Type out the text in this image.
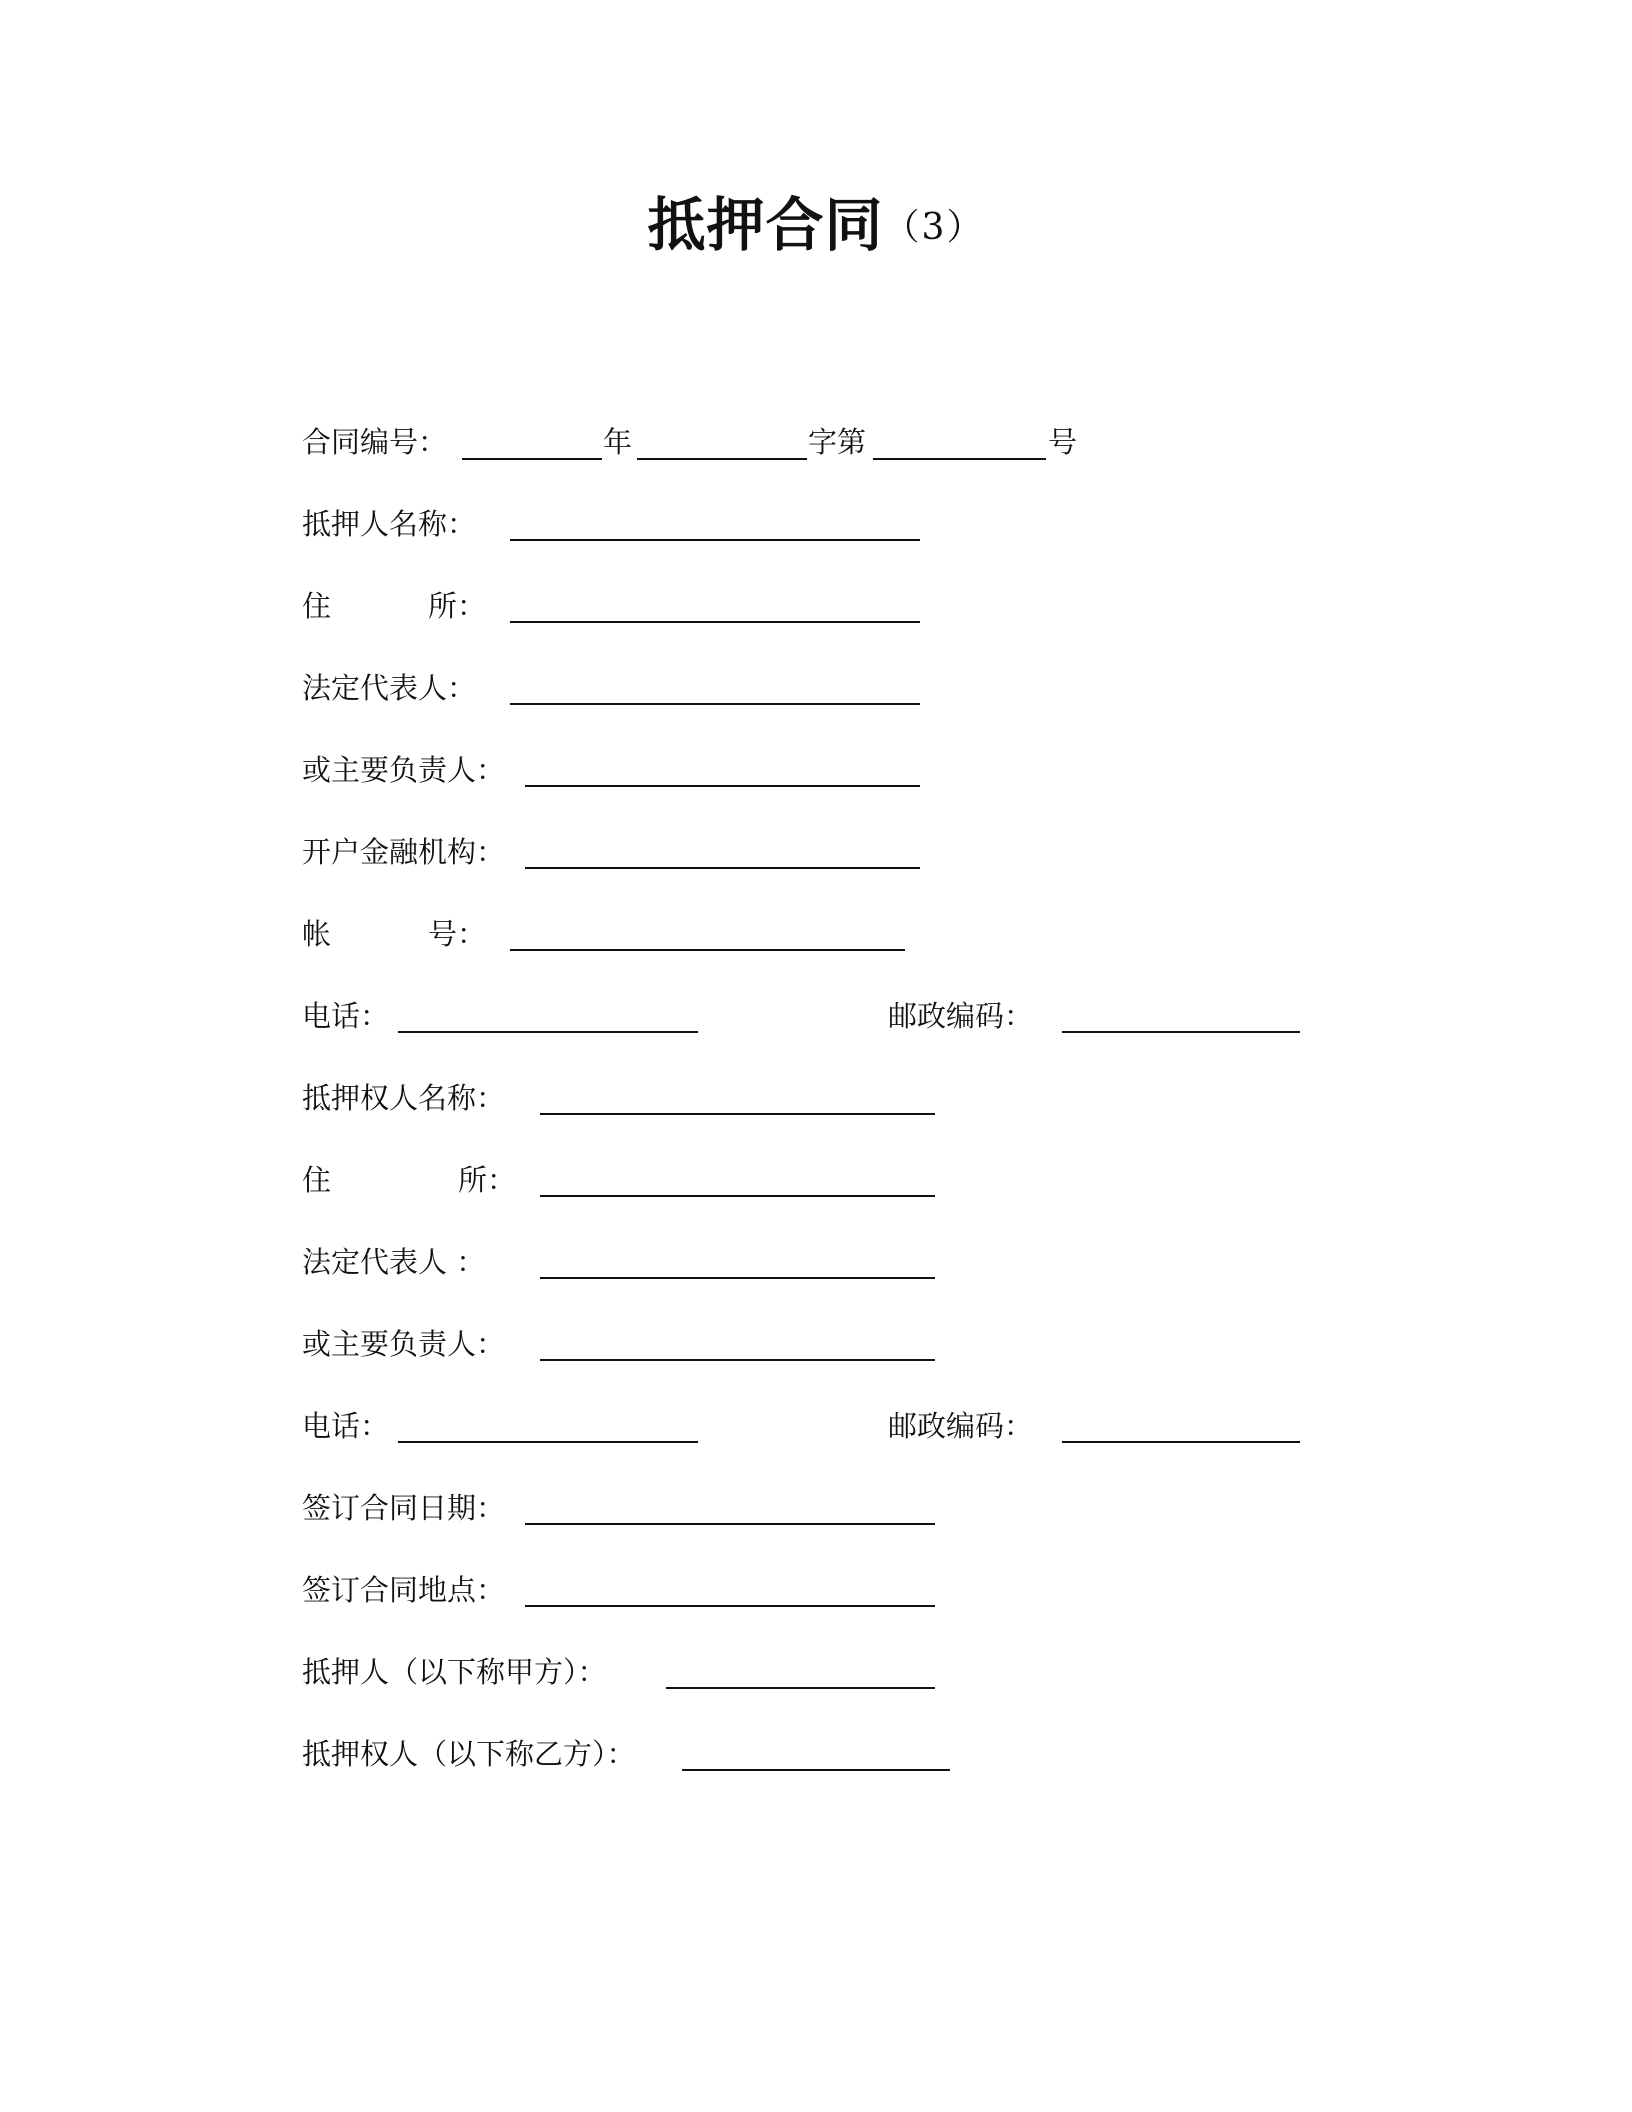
抵押合同（3）
合同编号：	年	字第	号
抵押人名称：
住	所：
法定代表人：
或主要负责人：
开户金融机构：
帐	号：
电话：	邮政编码：
抵押权人名称：
住	所：
法定代表人 ：
或主要负责人：
电话：	邮政编码：
签订合同日期：
签订合同地点：
抵押人（以下称甲方）：
抵押权人（以下称乙方）：
